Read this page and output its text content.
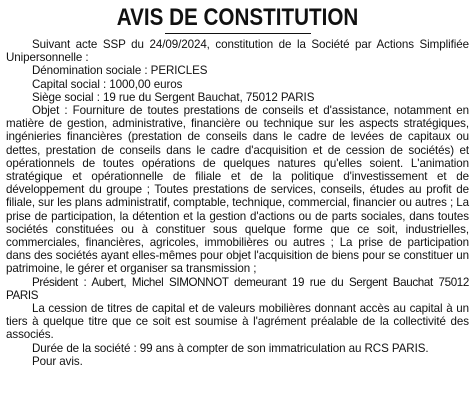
AVIS DE CONSTITUTION

Suivant acte SSP du 24/09/2024, constitution de la Société par Actions Simplifiée Unipersonnelle :

Dénomination sociale : PERICLES

Capital social : 1000,00 euros

Siège social : 19 rue du Sergent Bauchat, 75012 PARIS

Objet : Fourniture de toutes prestations de conseils et d'assistance, notamment en matière de gestion, administrative, financière ou technique sur les aspects stratégiques, ingénieries financières (prestation de conseils dans le cadre de levées de capitaux ou dettes, prestation de conseils dans le cadre d'acquisition et de cession de sociétés) et opérationnels de toutes opérations de quelques natures qu'elles soient. L'animation stratégique et opérationnelle de filiale et de la politique d'investissement et de développement du groupe ; Toutes prestations de services, conseils, études au profit de filiale, sur les plans administratif, comptable, technique, commercial, financier ou autres ; La prise de participation, la détention et la gestion d'actions ou de parts sociales, dans toutes sociétés constituées ou à constituer sous quelque forme que ce soit, industrielles, commerciales, financières, agricoles, immobilières ou autres ; La prise de participation dans des sociétés ayant elles-mêmes pour objet l'acquisition de biens pour se constituer un patrimoine, le gérer et organiser sa transmission ;

Président : Aubert, Michel SIMONNOT demeurant 19 rue du Sergent Bauchat 75012 PARIS

La cession de titres de capital et de valeurs mobilières donnant accès au capital à un tiers à quelque titre que ce soit est soumise à l'agrément préalable de la collectivité des associés.

Durée de la société : 99 ans à compter de son immatriculation au RCS PARIS.

Pour avis.
